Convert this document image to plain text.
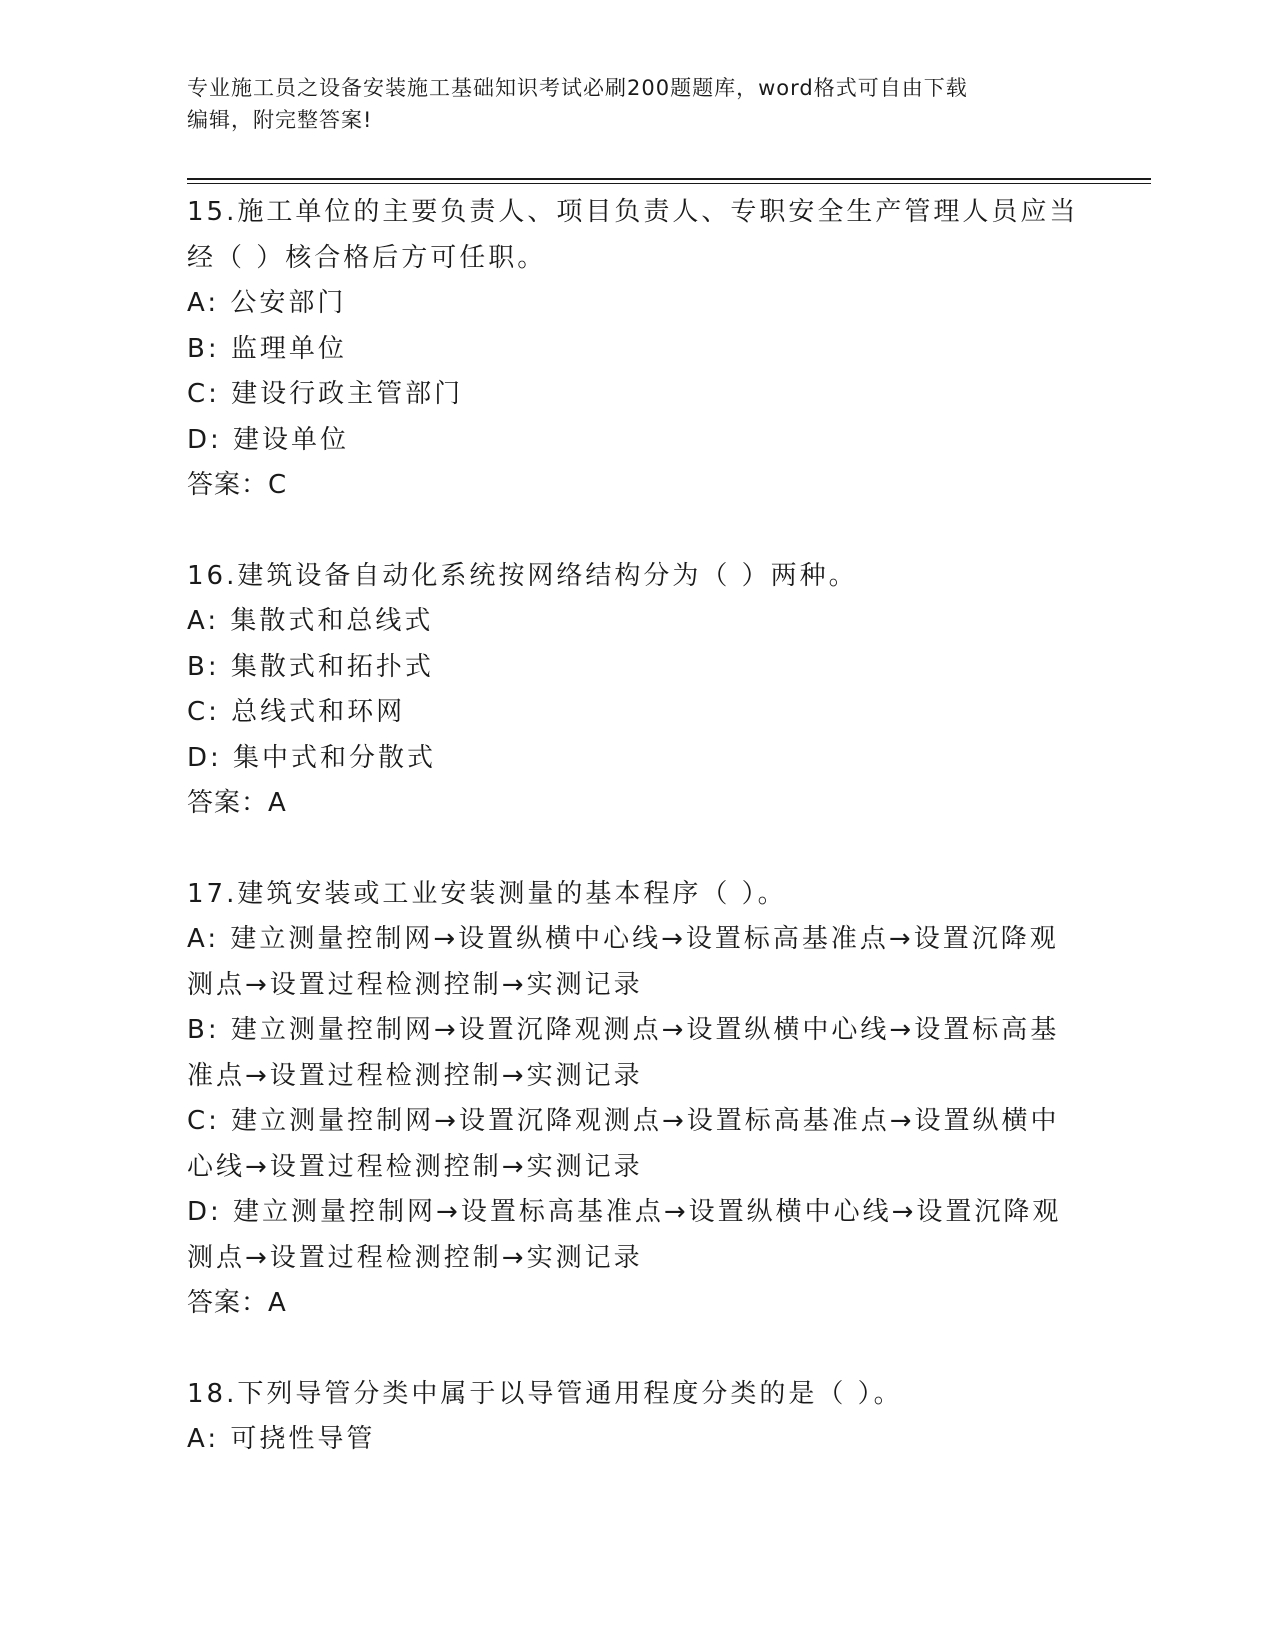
专业施工员之设备安装施工基础知识考试必刷200题题库，word格式可自由下载
编辑，附完整答案!
15.施工单位的主要负责人、项目负责人、专职安全生产管理人员应当
经（ ）核合格后方可任职。
A: 公安部门
B: 监理单位
C: 建设行政主管部门
D: 建设单位
答案：C
16.建筑设备自动化系统按网络结构分为（ ）两种。
A: 集散式和总线式
B: 集散式和拓扑式
C: 总线式和环网
D: 集中式和分散式
答案：A
17.建筑安装或工业安装测量的基本程序（ ）。
A: 建立测量控制网→设置纵横中心线→设置标高基准点→设置沉降观
测点→设置过程检测控制→实测记录
B: 建立测量控制网→设置沉降观测点→设置纵横中心线→设置标高基
准点→设置过程检测控制→实测记录
C: 建立测量控制网→设置沉降观测点→设置标高基准点→设置纵横中
心线→设置过程检测控制→实测记录
D: 建立测量控制网→设置标高基准点→设置纵横中心线→设置沉降观
测点→设置过程检测控制→实测记录
答案：A
18.下列导管分类中属于以导管通用程度分类的是（ ）。
A: 可挠性导管
